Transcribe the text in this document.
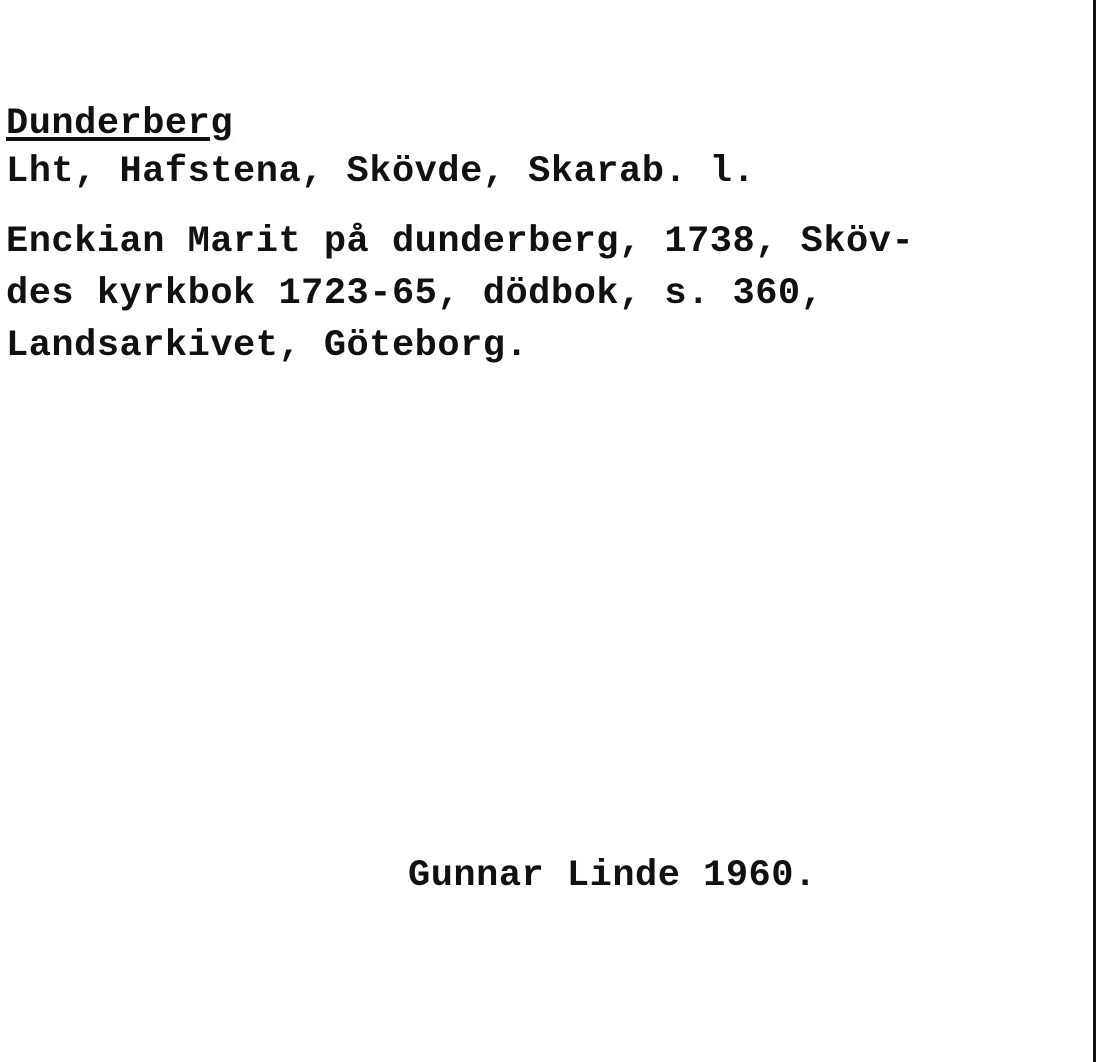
Dunderberg
Lht, Hafstena, Skövde, Skarab. l.
Enckian Marit på dunderberg, 1738, Sköv-
des kyrkbok 1723-65, dödbok, s. 360,
Landsarkivet, Göteborg.
Gunnar Linde 1960.
